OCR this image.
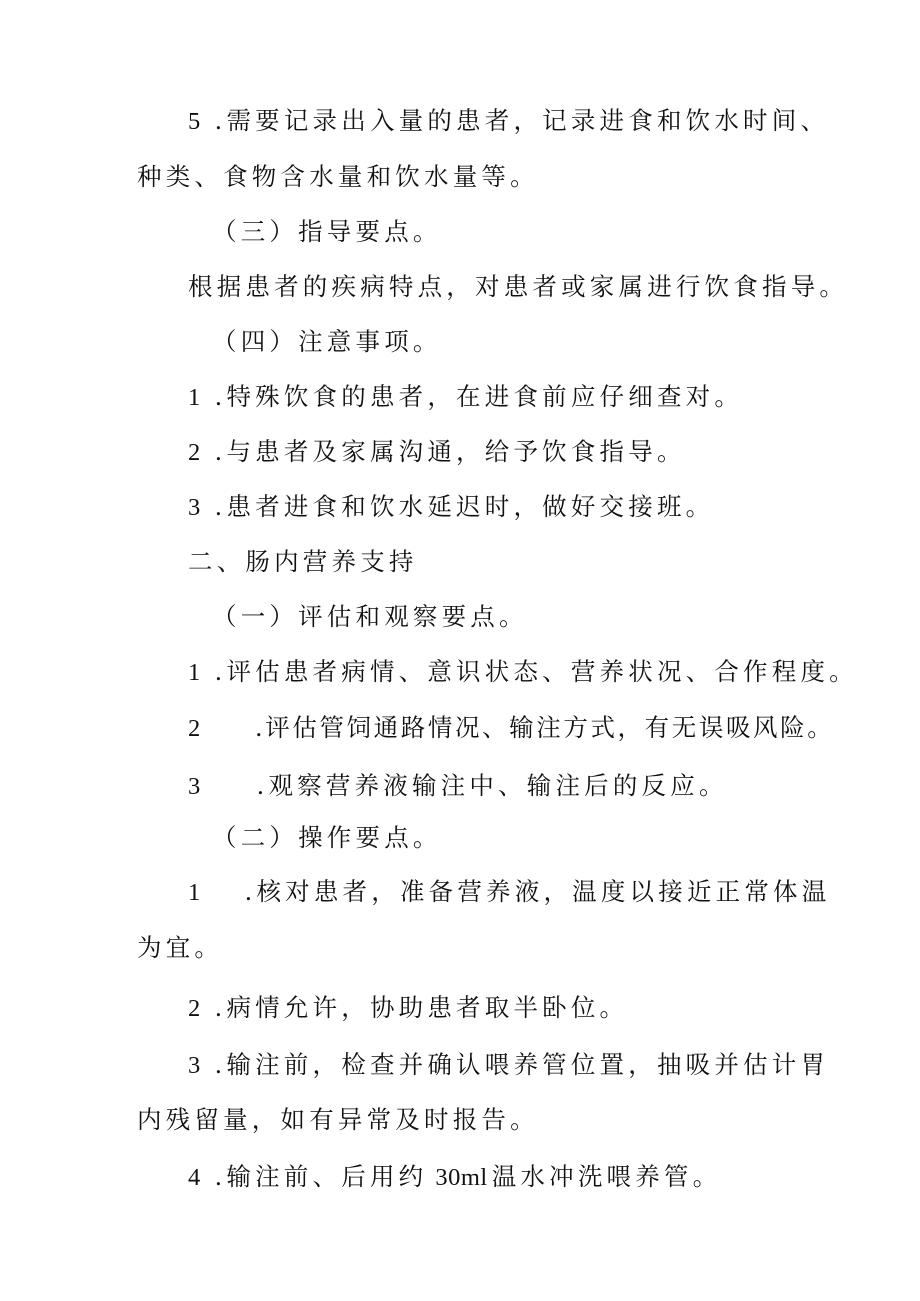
5 .需要记录出入量的患者，记录进食和饮水时间、
种类、食物含水量和饮水量等。
（三）指导要点。
根据患者的疾病特点，对患者或家属进行饮食指导。
（四）注意事项。
1 .特殊饮食的患者，在进食前应仔细查对。
2 .与患者及家属沟通，给予饮食指导。
3 .患者进食和饮水延迟时，做好交接班。
二、肠内营养支持
（一）评估和观察要点。
1 .评估患者病情、意识状态、营养状况、合作程度。
2 .评估管饲通路情况、输注方式，有无误吸风险。
3 .观察营养液输注中、输注后的反应。
（二）操作要点。
1 .核对患者，准备营养液，温度以接近正常体温
为宜。
2 .病情允许，协助患者取半卧位。
3 .输注前，检查并确认喂养管位置，抽吸并估计胃
内残留量，如有异常及时报告。
4 .输注前、后用约 30ml 温水冲洗喂养管。
